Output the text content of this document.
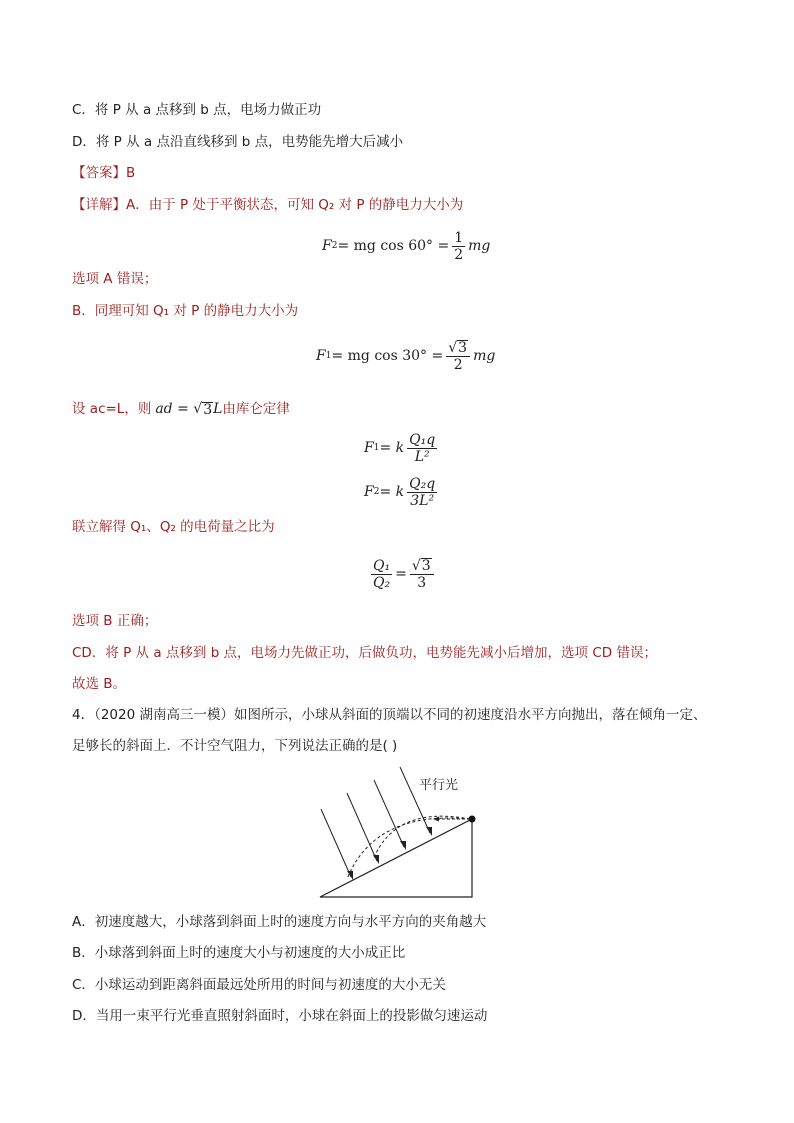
C．将 P 从 a 点移到 b 点，电场力做正功
D．将 P 从 a 点沿直线移到 b 点，电势能先增大后减小
【答案】B
【详解】A．由于 P 处于平衡状态，可知 Q₂ 对 P 的静电力大小为
F 2 = mg $\cos 60^\circ = \frac{1}{2}$ mg
选项 A 错误；
B．同理可知 Q₁ 对 P 的静电力大小为
F 1 = mg $\cos 30^\circ = \frac{√ 3}{2}$ mg
设 ac=L，则 ad = √ 3 L 由库仑定律
F 1 = k $\frac{\text{Q₁q}}{\text{L²}}$
F 2 = k $\frac{\text{Q₂q}}{\text{3L²}}$
联立解得 Q₁、Q₂ 的电荷量之比为
$\frac{\text{Q₁}}{\text{Q₂}} = \frac{√ 3}{3}$
选项 B 正确；
CD．将 P 从 a 点移到 b 点，电场力先做正功，后做负功，电势能先减小后增加，选项 CD 错误；
故选 B。
4．（2020 湖南高三一模）如图所示，小球从斜面的顶端以不同的初速度沿水平方向抛出，落在倾角一定、
足够长的斜面上．不计空气阻力，下列说法正确的是( )
平行光
A．初速度越大，小球落到斜面上时的速度方向与水平方向的夹角越大
B．小球落到斜面上时的速度大小与初速度的大小成正比
C．小球运动到距离斜面最远处所用的时间与初速度的大小无关
D．当用一束平行光垂直照射斜面时，小球在斜面上的投影做匀速运动
